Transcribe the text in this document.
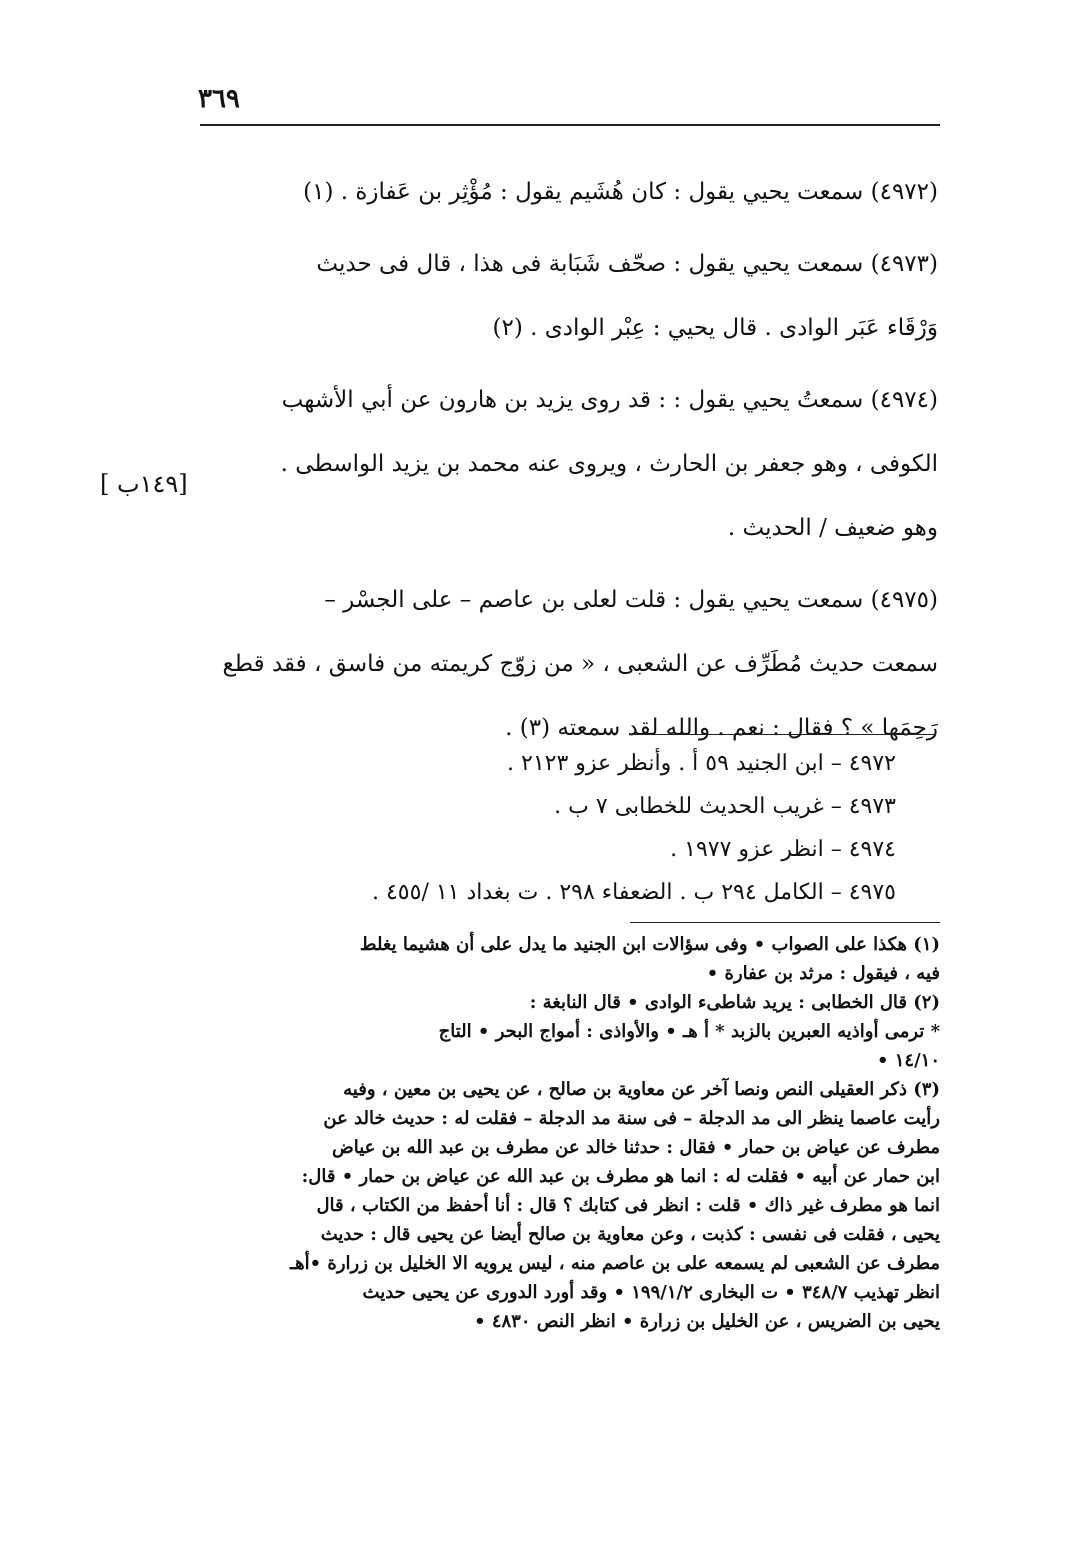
٣٦٩

(٤٩٧٢) سمعت يحيي يقول : كان هُشَيم يقول : مُؤْثِر بن عَفازة . (١)

(٤٩٧٣) سمعت يحيي يقول : صحّف شَبَابة فى هذا ، قال فى حديث
وَرْقَاء عَبَر الوادى . قال يحيي : عِبْر الوادى . (٢)

(٤٩٧٤) سمعتُ يحيي يقول : : قد روى يزيد بن هارون عن أبي الأشهب
الكوفى ، وهو جعفر بن الحارث ، ويروى عنه محمد بن يزيد الواسطى .
وهو ضعيف / الحديث .

(٤٩٧٥) سمعت يحيي يقول : قلت لعلى بن عاصم – على الجسْر –
سمعت حديث مُطَرِّف عن الشعبى ، « من زوّج كريمته من فاسق ، فقد قطع
رَحِمَها » ؟ فقال : نعم . والله لقد سمعته (٣) .

[١٤٩ب ]
٤٩٧٢ – ابن الجنيد ٥٩ أ . وأنظر عزو ٢١٢٣ .
٤٩٧٣ – غريب الحديث للخطابى ٧ ب .
٤٩٧٤ – انظر عزو ١٩٧٧ .
٤٩٧٥ – الكامل ٢٩٤ ب . الضعفاء ٢٩٨ . ت بغداد ١١ /٤٥٥ .
(١) هكذا على الصواب • وفى سؤالات ابن الجنيد ما يدل على أن هشيما يغلط
فيه ، فيقول : مرثد بن عفارة •
(٢) قال الخطابى : يريد شاطىء الوادى • قال النابغة :
* ترمى أواذيه العبرين بالزبد * أ هـ • والأواذى : أمواج البحر • التاج
١٤/١٠ •
(٣) ذكر العقيلى النص ونصا آخر عن معاوية بن صالح ، عن يحيى بن معين ، وفيه
رأيت عاصما ينظر الى مد الدجلة – فى سنة مد الدجلة – فقلت له : حديث خالد عن
مطرف عن عياض بن حمار • فقال : حدثنا خالد عن مطرف بن عبد الله بن عياض
ابن حمار عن أبيه • فقلت له : انما هو مطرف بن عبد الله عن عياض بن حمار • قال:
انما هو مطرف غير ذاك • قلت : انظر فى كتابك ؟ قال : أنا أحفظ من الكتاب ، قال
يحيى ، فقلت فى نفسى : كذبت ، وعن معاوية بن صالح أيضا عن يحيى قال : حديث
مطرف عن الشعبى لم يسمعه على بن عاصم منه ، ليس يرويه الا الخليل بن زرارة •أهـ
انظر تهذيب ٣٤٨/٧ • ت البخارى ١٩٩/١/٢ • وقد أورد الدورى عن يحيى حديث
يحيى بن الضريس ، عن الخليل بن زرارة • انظر النص ٤٨٣٠ •
